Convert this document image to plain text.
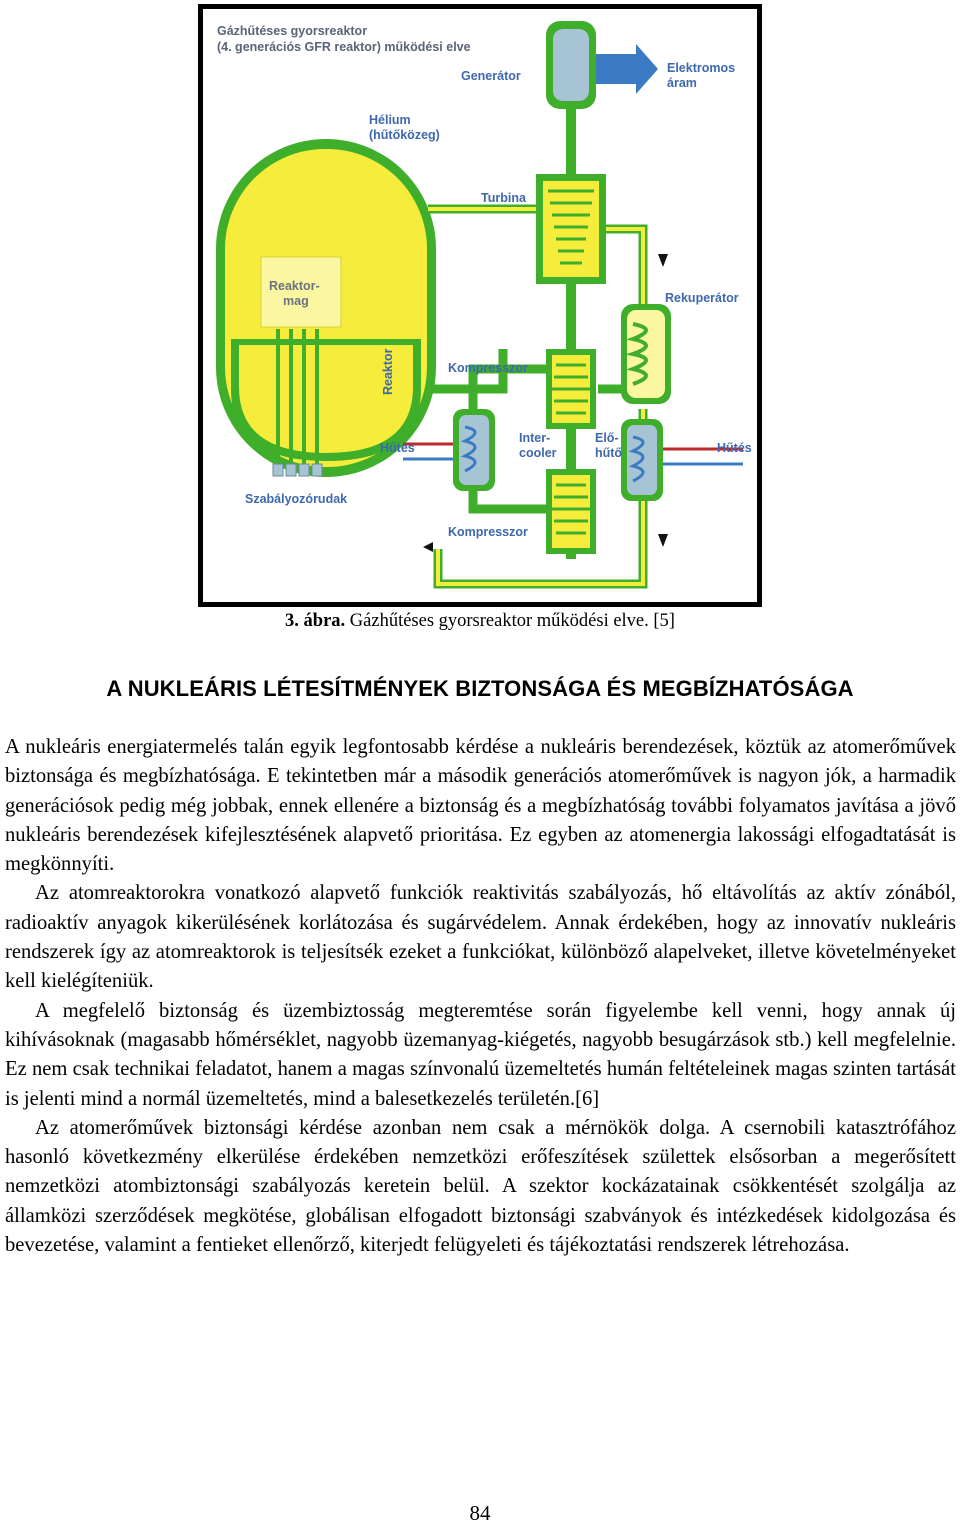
Gázhűtéses gyorsreaktor
(4. generációs GFR reaktor) működési elve
Generátor
Elektromos
áram
Hélium
(hűtőközeg)
Turbina
Reaktor-
mag	Rekuperátor
Kompresszor
Reaktor
Hűtés
Inter-
cooler
Elő-
hűtő	Hűtés
Szabályozórudak
Kompresszor
3. ábra. Gázhűtéses gyorsreaktor működési elve. [5]
A NUKLEÁRIS LÉTESÍTMÉNYEK BIZTONSÁGA ÉS MEGBÍZHATÓSÁGA

A nukleáris energiatermelés talán egyik legfontosabb kérdése a nukleáris berendezések, köztük az atomerőművek biztonsága és megbízhatósága. E tekintetben már a második generációs atomerőművek is nagyon jók, a harmadik generációsok pedig még jobbak, ennek ellenére a biztonság és a megbízhatóság további folyamatos javítása a jövő nukleáris berendezések kifejlesztésének alapvető prioritása. Ez egyben az atomenergia lakossági elfogadtatását is megkönnyíti.

Az atomreaktorokra vonatkozó alapvető funkciók reaktivitás szabályozás, hő eltávolítás az aktív zónából, radioaktív anyagok kikerülésének korlátozása és sugárvédelem. Annak érdekében, hogy az innovatív nukleáris rendszerek így az atomreaktorok is teljesítsék ezeket a funkciókat, különböző alapelveket, illetve követelményeket kell kielégíteniük.

A megfelelő biztonság és üzembiztosság megteremtése során figyelembe kell venni, hogy annak új kihívásoknak (magasabb hőmérséklet, nagyobb üzemanyag-kiégetés, nagyobb besugárzások stb.) kell megfelelnie. Ez nem csak technikai feladatot, hanem a magas színvonalú üzemeltetés humán feltételeinek magas szinten tartását is jelenti mind a normál üzemeltetés, mind a balesetkezelés területén.[6]

Az atomerőművek biztonsági kérdése azonban nem csak a mérnökök dolga. A csernobili katasztrófához hasonló következmény elkerülése érdekében nemzetközi erőfeszítések születtek elsősorban a megerősített nemzetközi atombiztonsági szabályozás keretein belül. A szektor kockázatainak csökkentését szolgálja az államközi szerződések megkötése, globálisan elfogadott biztonsági szabványok és intézkedések kidolgozása és bevezetése, valamint a fentieket ellenőrző, kiterjedt felügyeleti és tájékoztatási rendszerek létrehozása.

84
